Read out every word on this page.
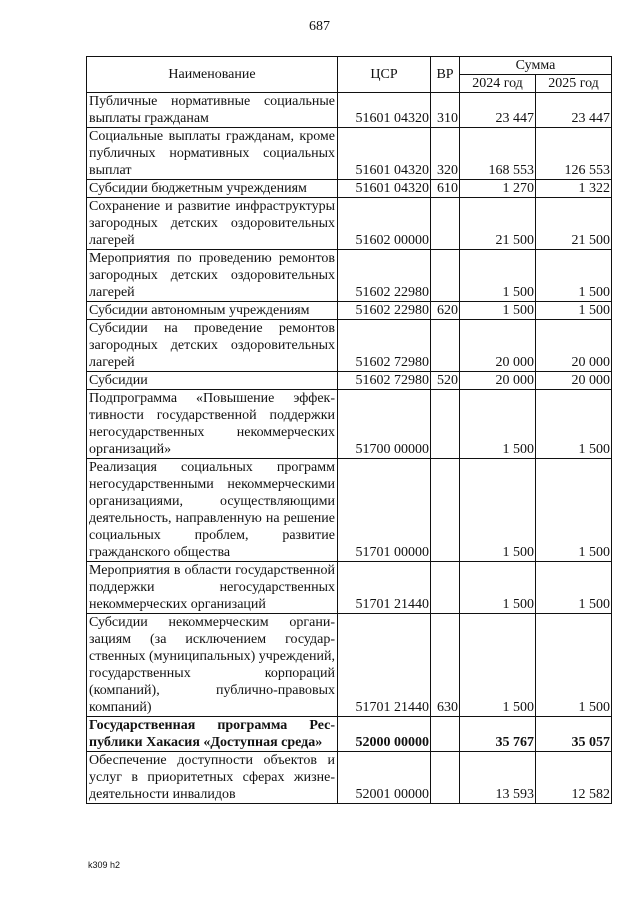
687
Наименование	ЦСР	ВР	Сумма	
			2024 год	2025 год
Публичные нормативные социальные выплаты гражданам	51601 04320	310	23 447	23 447
Социальные выплаты гражданам, кроме публичных нормативных социальных выплат	51601 04320	320	168 553	126 553
Субсидии бюджетным учреждениям	51601 04320	610	1 270	1 322
Сохранение и развитие инфраструктуры загородных детских оздоровительных лагерей	51602 00000		21 500	21 500
Мероприятия по проведению ремонтов загородных детских оздоровительных лагерей	51602 22980		1 500	1 500
Субсидии автономным учреждениям	51602 22980	620	1 500	1 500
Субсидии на проведение ремонтов загородных детских оздоровительных лагерей	51602 72980		20 000	20 000
Субсидии	51602 72980	520	20 000	20 000
Подпрограмма «Повышение эффективности государственной поддержки негосударственных некоммерческих организаций»	51700 00000		1 500	1 500
Реализация социальных программ негосударственными некоммерческими организациями, осуществляющими деятельность, направленную на решение социальных проблем, развитие гражданского общества	51701 00000		1 500	1 500
Мероприятия в области государственной поддержки негосударственных некоммерческих организаций	51701 21440		1 500	1 500
Субсидии некоммерческим организациям (за исключением государственных (муниципальных) учреждений, государственных корпораций (компаний), публично-правовых компаний)	51701 21440	630	1 500	1 500
Государственная программа Республики Хакасия «Доступная среда»	52000 00000		35 767	35 057
Обеспечение доступности объектов и услуг в приоритетных сферах жизнедеятельности инвалидов	52001 00000		13 593	12 582
k309 h2
